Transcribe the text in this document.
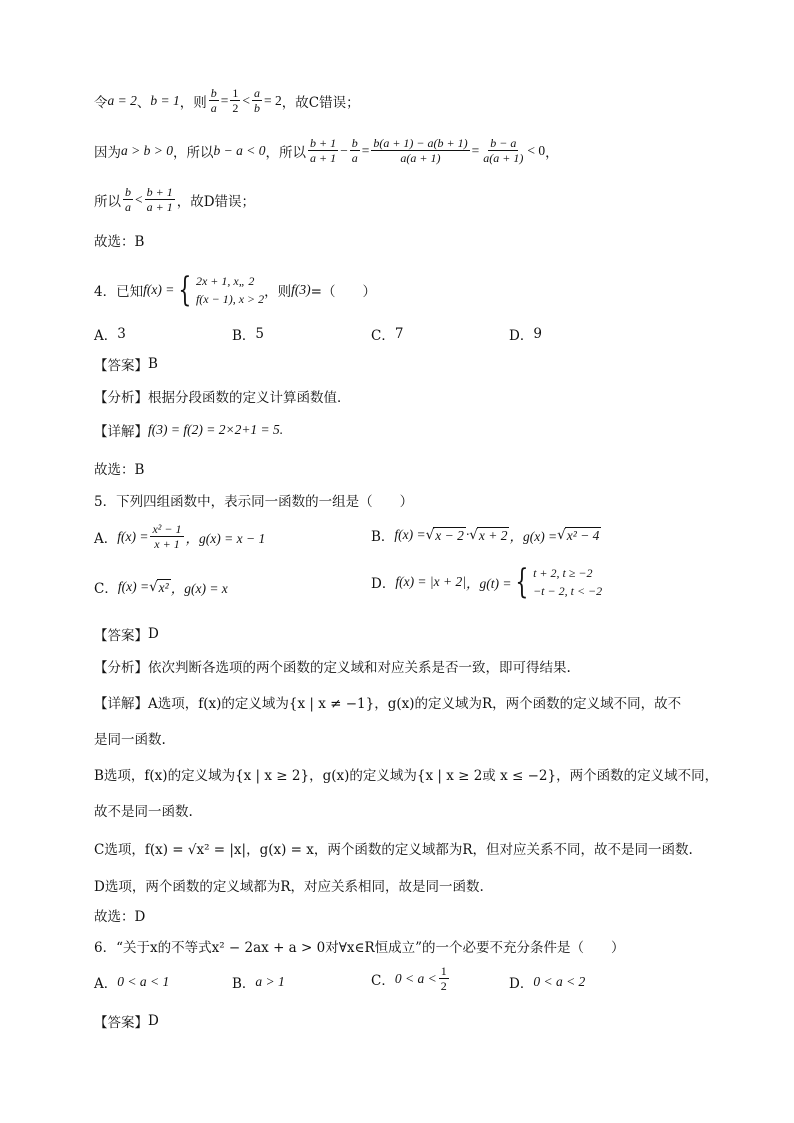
令 a = 2 、 b = 1 ，则 $\frac{b}{a} = \frac{1}{2} < \frac{a}{b} = 2$ ，故C错误；
因为 a > b > 0 ，所以 b − a < 0 ，所以 $\frac{b + 1}{a + 1} - \frac{b}{a} = \frac{b(a + 1) - a(b + 1)}{a(a + 1)} = \frac{b - a}{a(a + 1)} < 0$ ，
所以 $\frac{b}{a} < \frac{b + 1}{a + 1}$ ，故D错误；
故选：B
4．已知 f(x) = { 2x + 1, x„ 2
f(x − 1), x > 2 ，则 f(3) =（　　）
A． 3	B． 5	C． 7	D． 9
【答案】 B
【分析】 根据分段函数的定义计算函数值．
【详解】 f(3) = f(2) = 2×2+1 = 5.
故选：B
5．下列四组函数中，表示同一函数的一组是（　　）
A． $f(x) = \frac{\text{x² − 1}}{x + 1}$ ，g(x) = x − 1	B． f(x) = √ x − 2 · √ x + 2 ，g(x) = √ x² − 4
C． f(x) = √ x² ，g(x) = x	D． f(x) = |x + 2| ，g(t) = { t + 2, t ≥ −2
−t − 2, t < −2
【答案】 D
【分析】 依次判断各选项的两个函数的定义域和对应关系是否一致，即可得结果.
【详解】 A选项，f(x)的定义域为{x | x ≠ −1}，g(x)的定义域为R，两个函数的定义域不同，故不
是同一函数.
B选项，f(x)的定义域为{x | x ≥ 2}，g(x)的定义域为{x | x ≥ 2或 x ≤ −2}，两个函数的定义域不同，
故不是同一函数.
C选项，f(x) = √x² = |x|，g(x) = x，两个函数的定义域都为R，但对应关系不同，故不是同一函数.
D选项，两个函数的定义域都为R，对应关系相同，故是同一函数.
故选：D
6．“关于x的不等式x² − 2ax + a > 0对∀x∈R恒成立”的一个必要不充分条件是（　　）
A． 0 < a < 1	B． a > 1	C． $0 < a < \frac{1}{2}$	D． 0 < a < 2
【答案】 D
